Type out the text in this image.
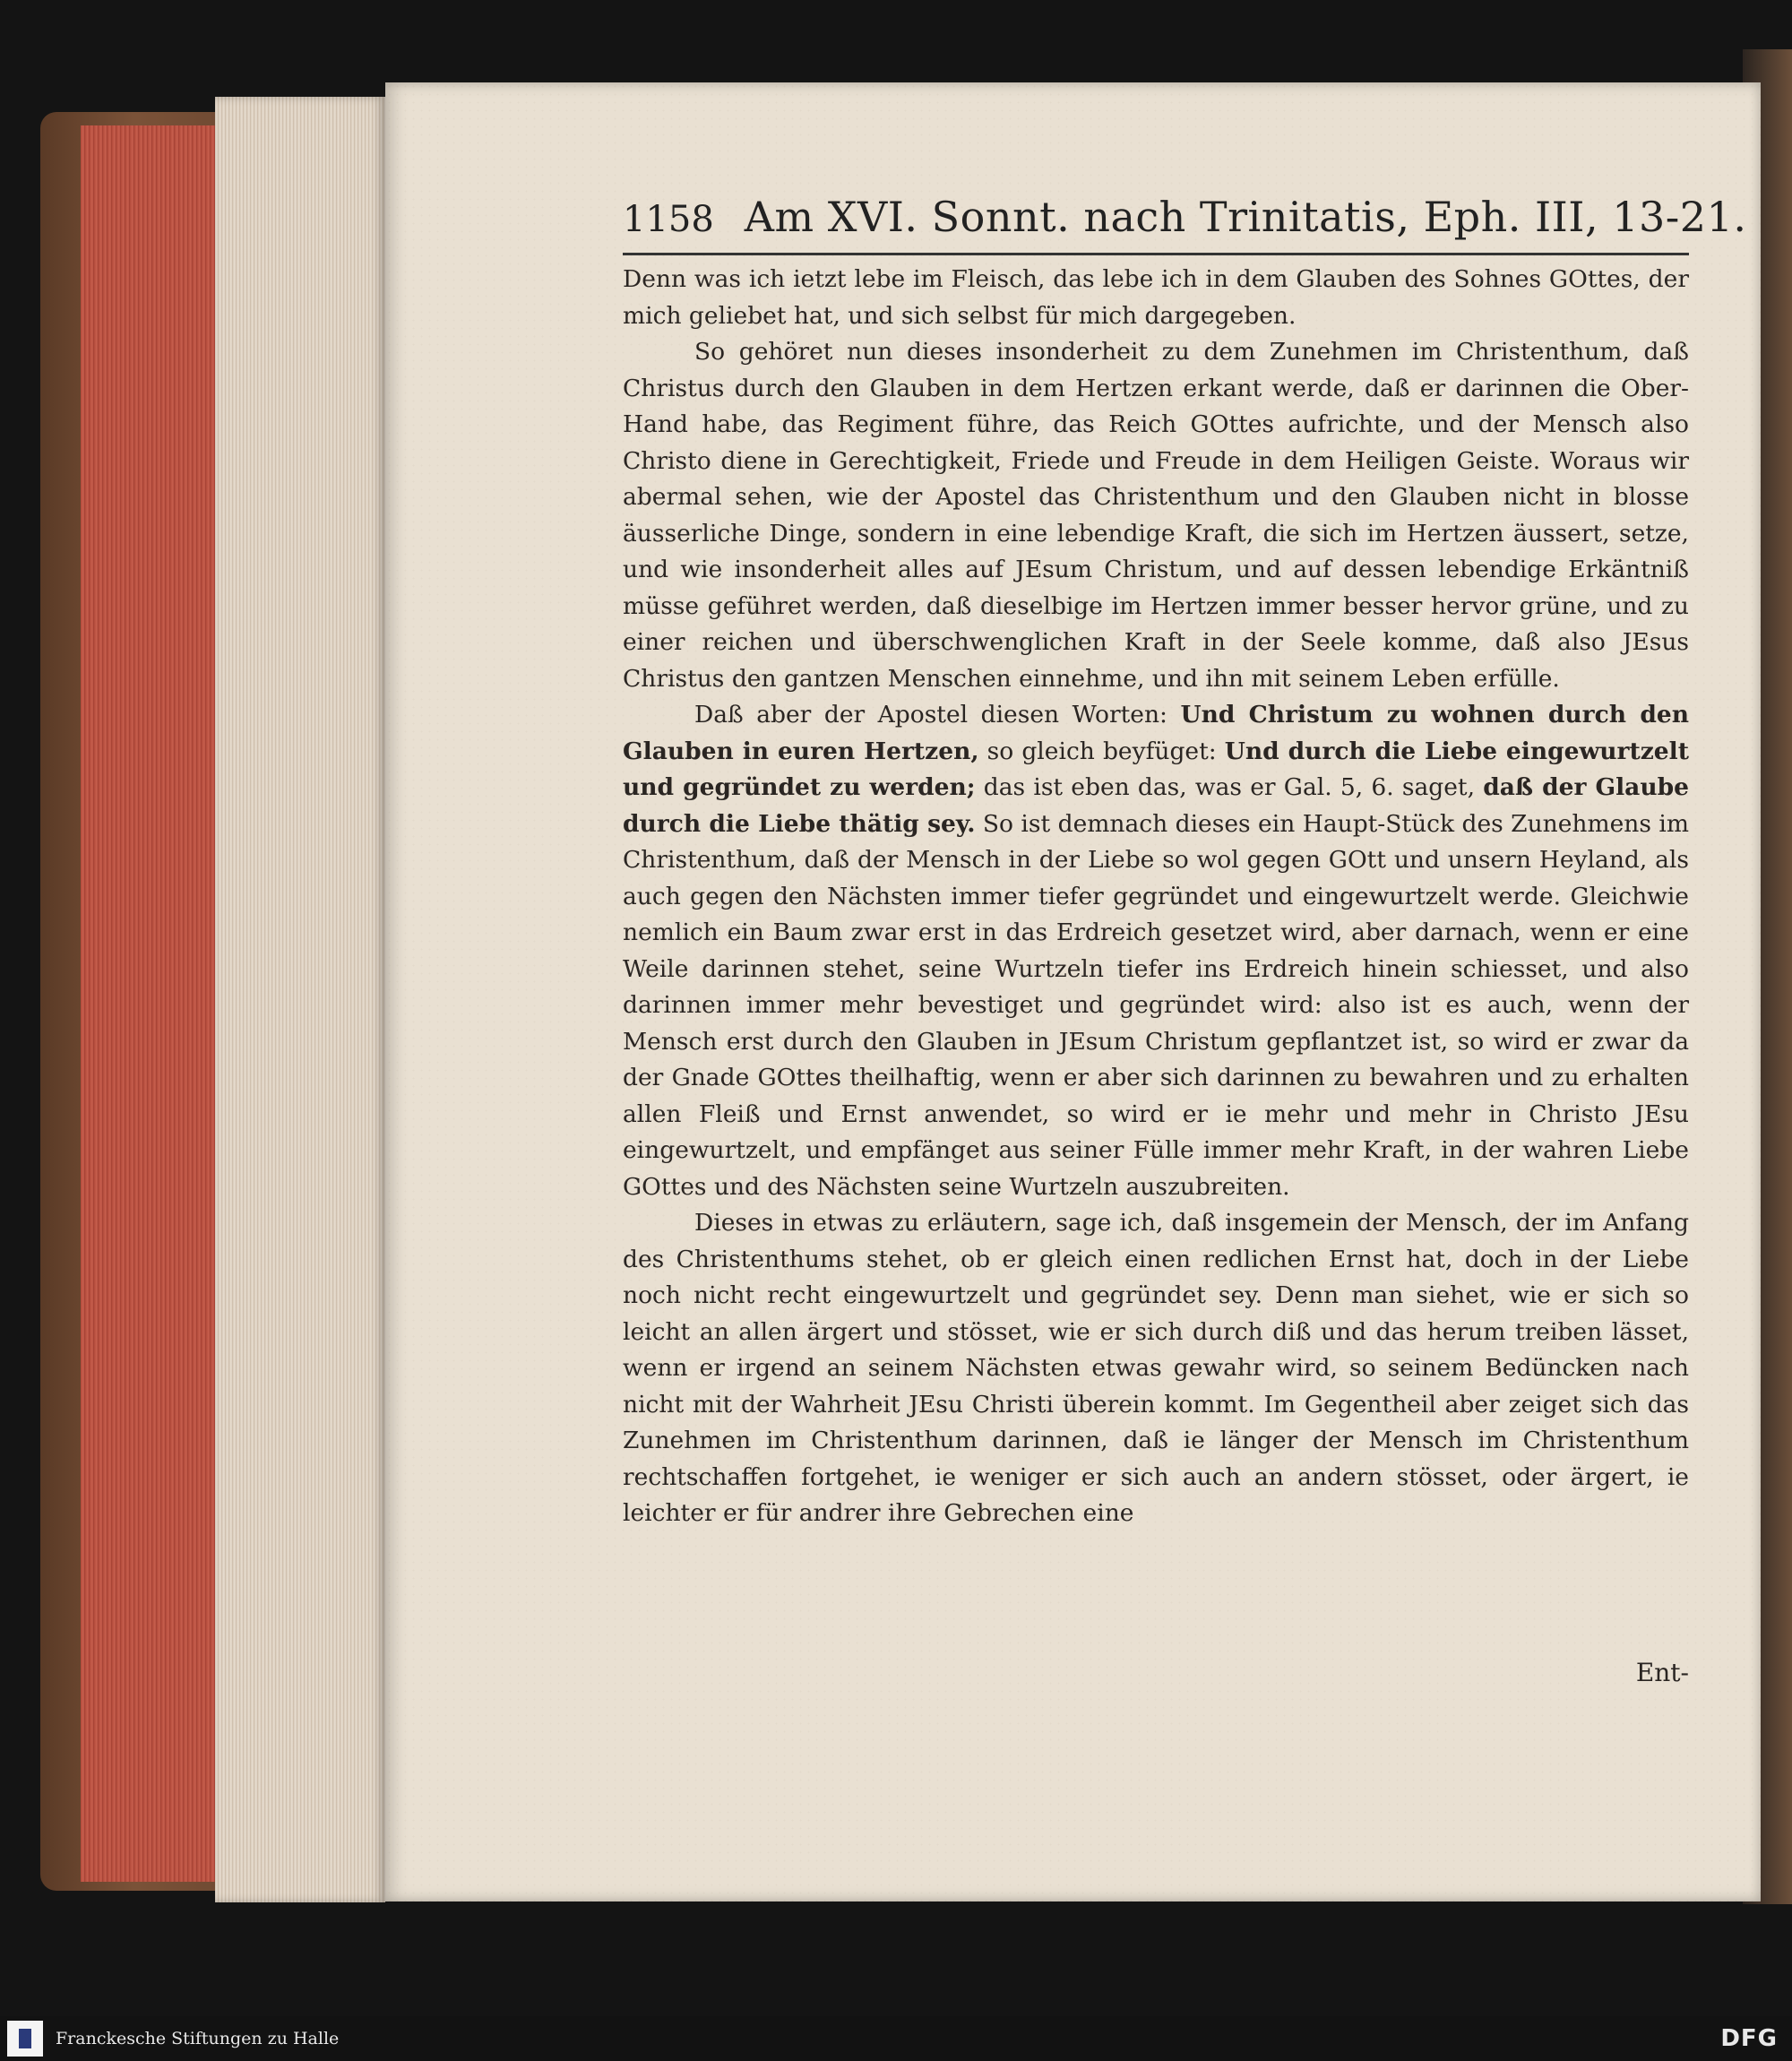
1158 Am XVI. Sonnt. nach Trinitatis, Eph. III, 13-21.

Denn was ich ietzt lebe im Fleisch, das lebe ich in dem Glauben des Sohnes GOttes, der mich geliebet hat, und sich selbst für mich dargegeben.

So gehöret nun dieses insonderheit zu dem Zunehmen im Christenthum, daß Christus durch den Glauben in dem Hertzen erkant werde, daß er darinnen die Ober-Hand habe, das Regiment führe, das Reich GOttes aufrichte, und der Mensch also Christo diene in Gerechtigkeit, Friede und Freude in dem Heiligen Geiste. Woraus wir abermal sehen, wie der Apostel das Christenthum und den Glauben nicht in blosse äusserliche Dinge, sondern in eine lebendige Kraft, die sich im Hertzen äussert, setze, und wie insonderheit alles auf JEsum Christum, und auf dessen lebendige Erkäntniß müsse geführet werden, daß dieselbige im Hertzen immer besser hervor grüne, und zu einer reichen und überschwenglichen Kraft in der Seele komme, daß also JEsus Christus den gantzen Menschen einnehme, und ihn mit seinem Leben erfülle.

Daß aber der Apostel diesen Worten: Und Christum zu wohnen durch den Glauben in euren Hertzen, so gleich beyfüget: Und durch die Liebe eingewurtzelt und gegründet zu werden; das ist eben das, was er Gal. 5, 6. saget, daß der Glaube durch die Liebe thätig sey. So ist demnach dieses ein Haupt-Stück des Zunehmens im Christenthum, daß der Mensch in der Liebe so wol gegen GOtt und unsern Heyland, als auch gegen den Nächsten immer tiefer gegründet und eingewurtzelt werde. Gleichwie nemlich ein Baum zwar erst in das Erdreich gesetzet wird, aber darnach, wenn er eine Weile darinnen stehet, seine Wurtzeln tiefer ins Erdreich hinein schiesset, und also darinnen immer mehr bevestiget und gegründet wird: also ist es auch, wenn der Mensch erst durch den Glauben in JEsum Christum gepflantzet ist, so wird er zwar da der Gnade GOttes theilhaftig, wenn er aber sich darinnen zu bewahren und zu erhalten allen Fleiß und Ernst anwendet, so wird er ie mehr und mehr in Christo JEsu eingewurtzelt, und empfänget aus seiner Fülle immer mehr Kraft, in der wahren Liebe GOttes und des Nächsten seine Wurtzeln auszubreiten.

Dieses in etwas zu erläutern, sage ich, daß insgemein der Mensch, der im Anfang des Christenthums stehet, ob er gleich einen redlichen Ernst hat, doch in der Liebe noch nicht recht eingewurtzelt und gegründet sey. Denn man siehet, wie er sich so leicht an allen ärgert und stösset, wie er sich durch diß und das herum treiben lässet, wenn er irgend an seinem Nächsten etwas gewahr wird, so seinem Bedüncken nach nicht mit der Wahrheit JEsu Christi überein kommt. Im Gegentheil aber zeiget sich das Zunehmen im Christenthum darinnen, daß ie länger der Mensch im Christenthum rechtschaffen fortgehet, ie weniger er sich auch an andern stösset, oder ärgert, ie leichter er für andrer ihre Gebrechen eine

Ent-
Franckesche Stiftungen zu Halle	DFG
